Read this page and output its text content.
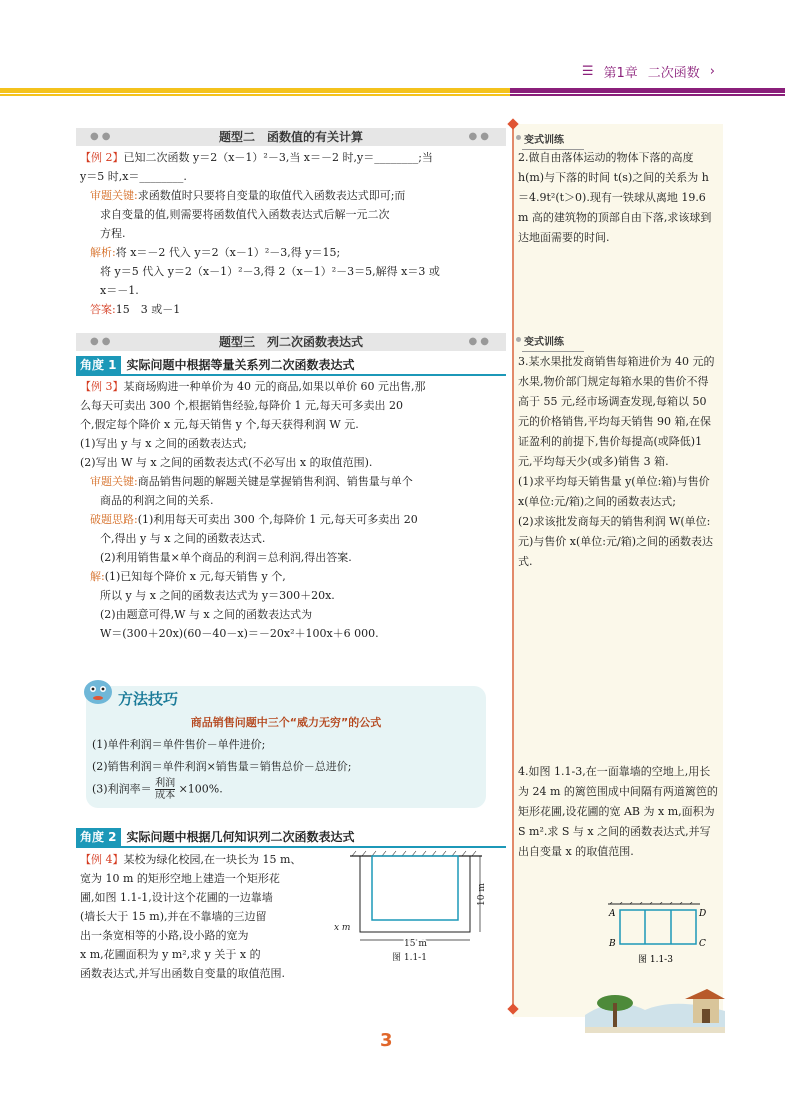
☰ 第1章 二次函数 ›
变式训练
2.做自由落体运动的物体下落的高度 h(m)与下落的时间 t(s)之间的关系为 h＝4.9t²(t＞0).现有一铁球从离地 19.6 m 高的建筑物的顶部自由下落,求该球到达地面需要的时间.
变式训练
3.某水果批发商销售每箱进价为 40 元的水果,物价部门规定每箱水果的售价不得高于 55 元,经市场调查发现,每箱以 50 元的价格销售,平均每天销售 90 箱,在保证盈利的前提下,售价每提高(或降低)1 元,平均每天少(或多)销售 3 箱.
(1)求平均每天销售量 y(单位:箱)与售价 x(单位:元/箱)之间的函数表达式;
(2)求该批发商每天的销售利润 W(单位:元)与售价 x(单位:元/箱)之间的函数表达式.
4.如图 1.1-3,在一面靠墙的空地上,用长为 24 m 的篱笆围成中间隔有两道篱笆的矩形花圃,设花圃的宽 AB 为 x m,面积为 S m².求 S 与 x 之间的函数表达式,并写出自变量 x 的取值范围.
A
B	C
D
图 1.1-3
●●	题型二　函数值的有关计算	●●
【例 2】已知二次函数 y＝2（x－1）²－3,当 x＝－2 时,y＝________;当
y＝5 时,x＝________.
审题关键:求函数值时只要将自变量的取值代入函数表达式即可;而
求自变量的值,则需要将函数值代入函数表达式后解一元二次
方程.
解析:将 x＝－2 代入 y＝2（x－1）²－3,得 y＝15;
将 y＝5 代入 y＝2（x－1）²－3,得 2（x－1）²－3＝5,解得 x＝3 或
x＝－1.
答案:15　3 或－1
●●	题型三　列二次函数表达式	●●
角度 1 实际问题中根据等量关系列二次函数表达式
【例 3】某商场购进一种单价为 40 元的商品,如果以单价 60 元出售,那
么每天可卖出 300 个,根据销售经验,每降价 1 元,每天可多卖出 20
个,假定每个降价 x 元,每天销售 y 个,每天获得利润 W 元.
(1)写出 y 与 x 之间的函数表达式;
(2)写出 W 与 x 之间的函数表达式(不必写出 x 的取值范围).
审题关键:商品销售问题的解题关键是掌握销售利润、销售量与单个
商品的利润之间的关系.
破题思路:(1)利用每天可卖出 300 个,每降价 1 元,每天可多卖出 20
个,得出 y 与 x 之间的函数表达式.
(2)利用销售量×单个商品的利润＝总利润,得出答案.
解:(1)已知每个降价 x 元,每天销售 y 个,
所以 y 与 x 之间的函数表达式为 y＝300＋20x.
(2)由题意可得,W 与 x 之间的函数表达式为
W＝(300＋20x)(60－40－x)＝－20x²＋100x＋6 000.
方法技巧
商品销售问题中三个“威力无穷”的公式
(1)单件利润＝单件售价－单件进价;
(2)销售利润＝单件利润×销售量＝销售总价－总进价;
(3)利润率＝ $\frac{\text{利润}}{\text{成本}} \times 100\%$.
角度 2 实际问题中根据几何知识列二次函数表达式
【例 4】某校为绿化校园,在一块长为 15 m、
宽为 10 m 的矩形空地上建造一个矩形花
圃,如图 1.1-1,设计这个花圃的一边靠墙
(墙长大于 15 m),并在不靠墙的三边留
出一条宽相等的小路,设小路的宽为
x m,花圃面积为 y m²,求 y 关于 x 的
函数表达式,并写出函数自变量的取值范围.
15 m
10 m
x m
图 1.1-1
3
